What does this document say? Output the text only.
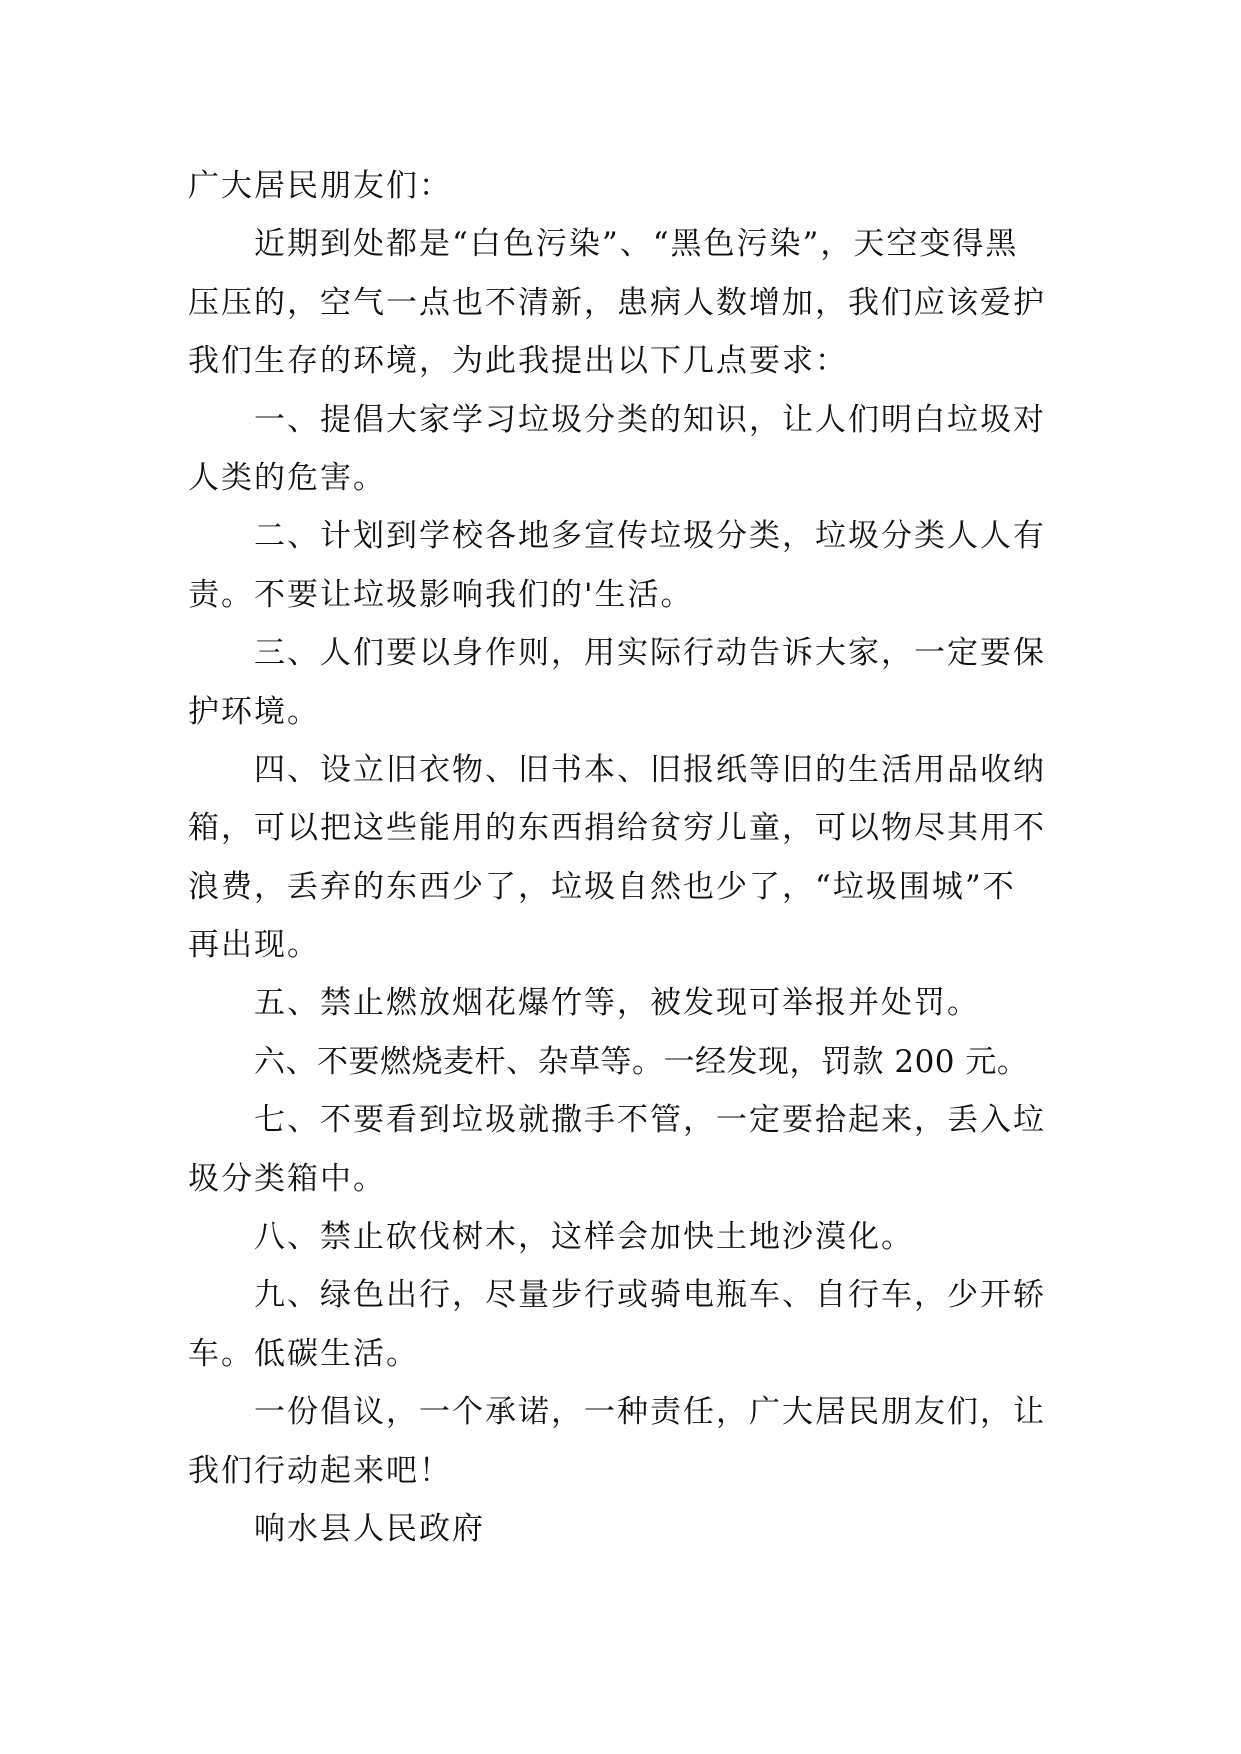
广大居民朋友们：
近期到处都是“白色污染”、“黑色污染”，天空变得黑
压压的，空气一点也不清新，患病人数增加，我们应该爱护
我们生存的环境，为此我提出以下几点要求：
一、提倡大家学习垃圾分类的知识，让人们明白垃圾对
人类的危害。
二、计划到学校各地多宣传垃圾分类，垃圾分类人人有
责。不要让垃圾影响我们的'生活。
三、人们要以身作则，用实际行动告诉大家，一定要保
护环境。
四、设立旧衣物、旧书本、旧报纸等旧的生活用品收纳
箱，可以把这些能用的东西捐给贫穷儿童，可以物尽其用不
浪费，丢弃的东西少了，垃圾自然也少了，“垃圾围城”不
再出现。
五、禁止燃放烟花爆竹等，被发现可举报并处罚。
六、不要燃烧麦杆、杂草等。一经发现，罚款 200 元。
七、不要看到垃圾就撒手不管，一定要拾起来，丢入垃
圾分类箱中。
八、禁止砍伐树木，这样会加快土地沙漠化。
九、绿色出行，尽量步行或骑电瓶车、自行车，少开轿
车。低碳生活。
一份倡议，一个承诺，一种责任，广大居民朋友们，让
我们行动起来吧！
响水县人民政府
